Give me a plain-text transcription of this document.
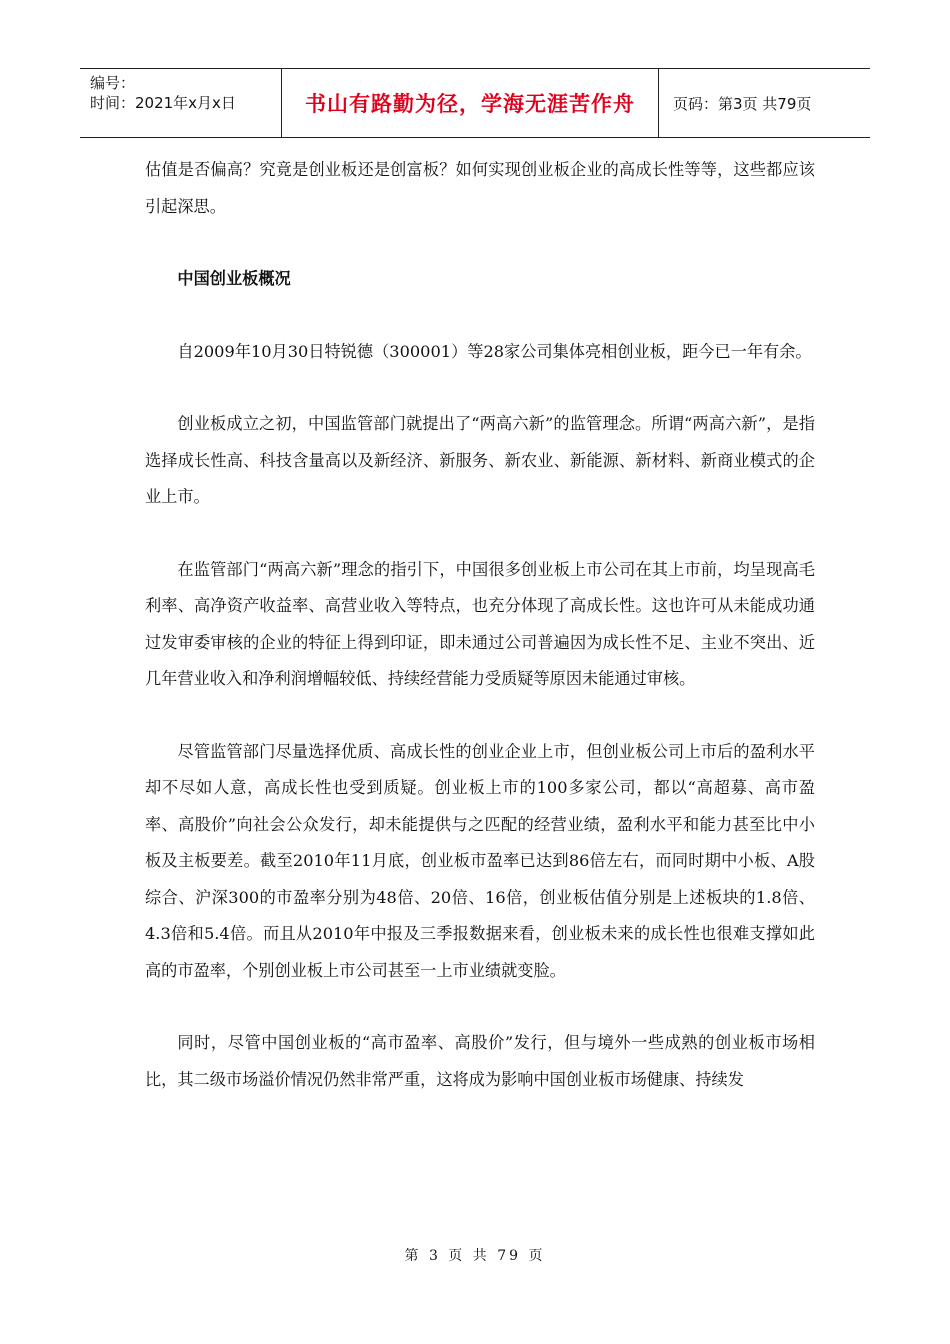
编号：
时间：2021年x月x日	书山有路勤为径，学海无涯苦作舟	页码：第3页 共79页

估值是否偏高？究竟是创业板还是创富板？如何实现创业板企业的高成长性等等，这些都应该引起深思。

中国创业板概况

自2009年10月30日特锐德（300001）等28家公司集体亮相创业板，距今已一年有余。

创业板成立之初，中国监管部门就提出了“两高六新”的监管理念。所谓“两高六新”，是指选择成长性高、科技含量高以及新经济、新服务、新农业、新能源、新材料、新商业模式的企业上市。

在监管部门“两高六新”理念的指引下，中国很多创业板上市公司在其上市前，均呈现高毛利率、高净资产收益率、高营业收入等特点，也充分体现了高成长性。这也许可从未能成功通过发审委审核的企业的特征上得到印证，即未通过公司普遍因为成长性不足、主业不突出、近几年营业收入和净利润增幅较低、持续经营能力受质疑等原因未能通过审核。

尽管监管部门尽量选择优质、高成长性的创业企业上市，但创业板公司上市后的盈利水平却不尽如人意，高成长性也受到质疑。创业板上市的100多家公司，都以“高超募、高市盈率、高股价”向社会公众发行，却未能提供与之匹配的经营业绩，盈利水平和能力甚至比中小板及主板要差。截至2010年11月底，创业板市盈率已达到86倍左右，而同时期中小板、A股综合、沪深300的市盈率分别为48倍、20倍、16倍，创业板估值分别是上述板块的1.8倍、4.3倍和5.4倍。而且从2010年中报及三季报数据来看，创业板未来的成长性也很难支撑如此高的市盈率，个别创业板上市公司甚至一上市业绩就变脸。

同时，尽管中国创业板的“高市盈率、高股价”发行，但与境外一些成熟的创业板市场相比，其二级市场溢价情况仍然非常严重，这将成为影响中国创业板市场健康、持续发

第 3 页 共 79 页
